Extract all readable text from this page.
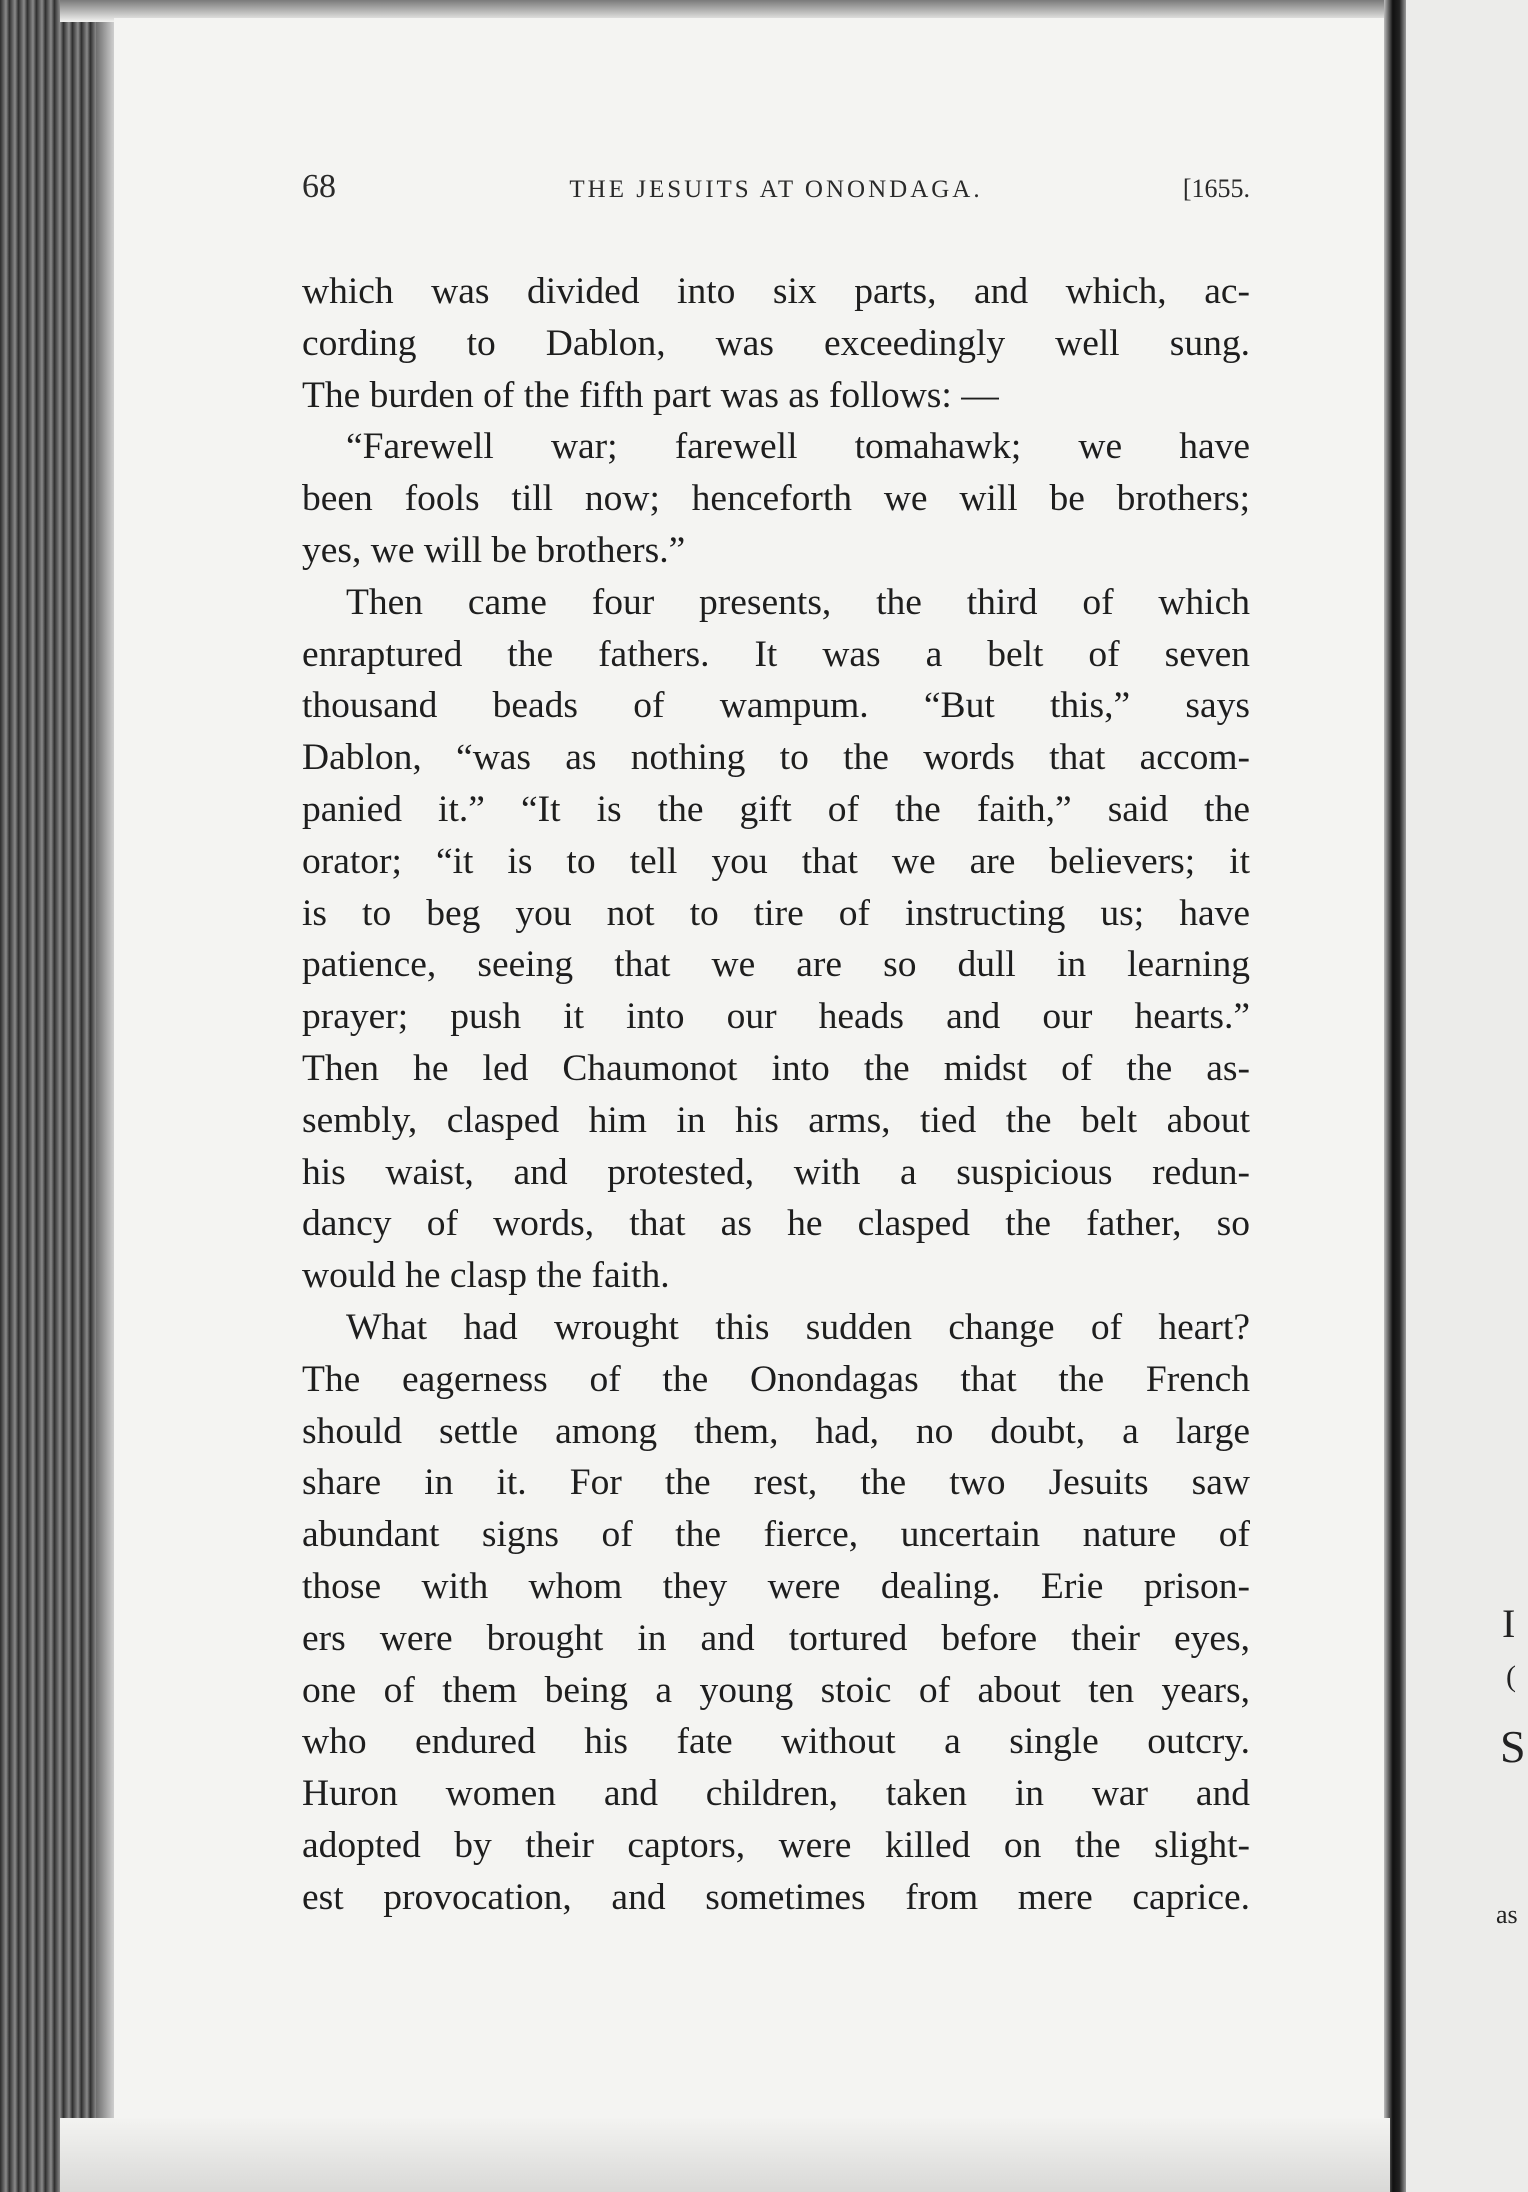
I
(
S
as
68	THE JESUITS AT ONONDAGA.	[1655.
which was divided into six parts, and which, ac-
cording to Dablon, was exceedingly well sung.
The burden of the fifth part was as follows: —
“Farewell war; farewell tomahawk; we have
been fools till now; henceforth we will be brothers;
yes, we will be brothers.”
Then came four presents, the third of which
enraptured the fathers. It was a belt of seven
thousand beads of wampum. “But this,” says
Dablon, “was as nothing to the words that accom-
panied it.” “It is the gift of the faith,” said the
orator; “it is to tell you that we are believers; it
is to beg you not to tire of instructing us; have
patience, seeing that we are so dull in learning
prayer; push it into our heads and our hearts.”
Then he led Chaumonot into the midst of the as-
sembly, clasped him in his arms, tied the belt about
his waist, and protested, with a suspicious redun-
dancy of words, that as he clasped the father, so
would he clasp the faith.
What had wrought this sudden change of heart?
The eagerness of the Onondagas that the French
should settle among them, had, no doubt, a large
share in it. For the rest, the two Jesuits saw
abundant signs of the fierce, uncertain nature of
those with whom they were dealing. Erie prison-
ers were brought in and tortured before their eyes,
one of them being a young stoic of about ten years,
who endured his fate without a single outcry.
Huron women and children, taken in war and
adopted by their captors, were killed on the slight-
est provocation, and sometimes from mere caprice.
